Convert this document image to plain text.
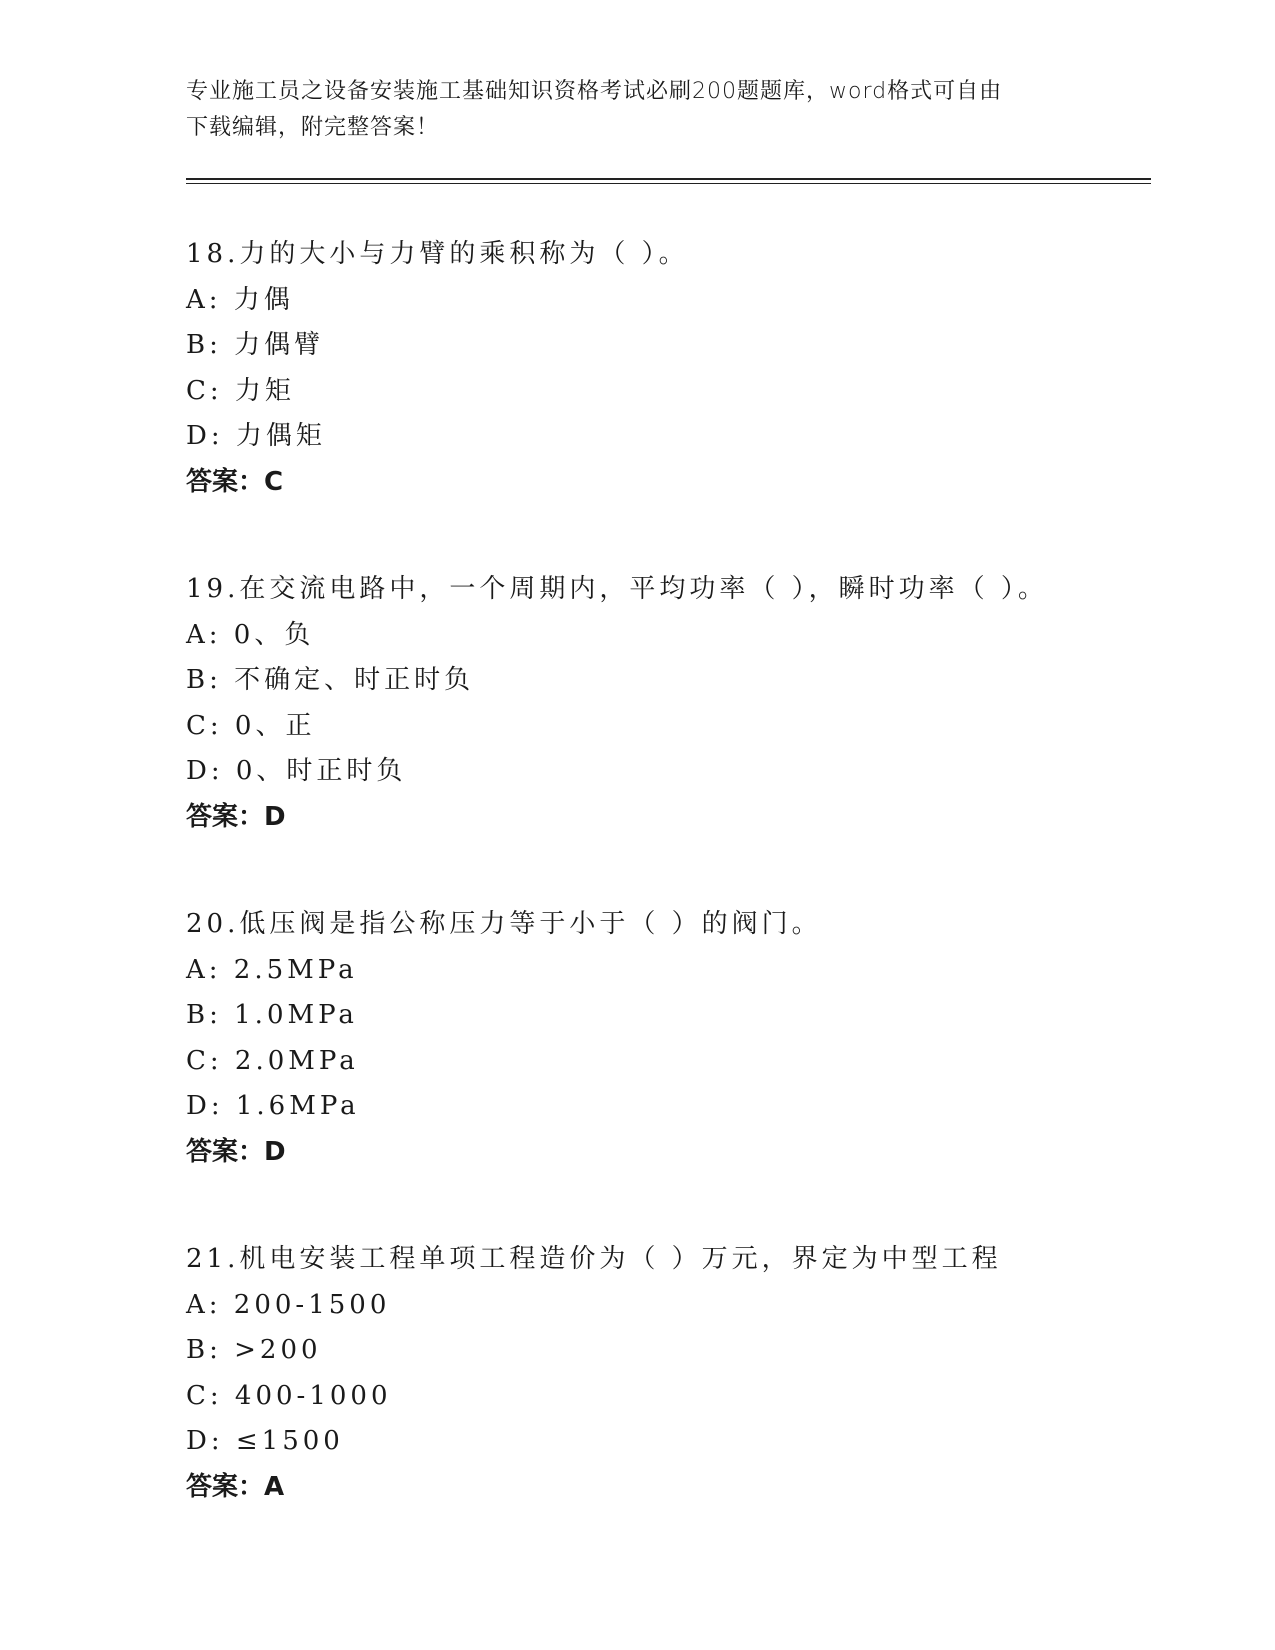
专业施工员之设备安装施工基础知识资格考试必刷200题题库，word格式可自由
下载编辑，附完整答案！
18.力的大小与力臂的乘积称为（ ）。
A: 力偶
B: 力偶臂
C: 力矩
D: 力偶矩
答案：C
19.在交流电路中，一个周期内，平均功率（ ），瞬时功率（ ）。
A: 0、负
B: 不确定、时正时负
C: 0、正
D: 0、时正时负
答案：D
20.低压阀是指公称压力等于小于（ ）的阀门。
A: 2.5MPa
B: 1.0MPa
C: 2.0MPa
D: 1.6MPa
答案：D
21.机电安装工程单项工程造价为（ ）万元，界定为中型工程
A: 200-1500
B: >200
C: 400-1000
D: ≤1500
答案：A
